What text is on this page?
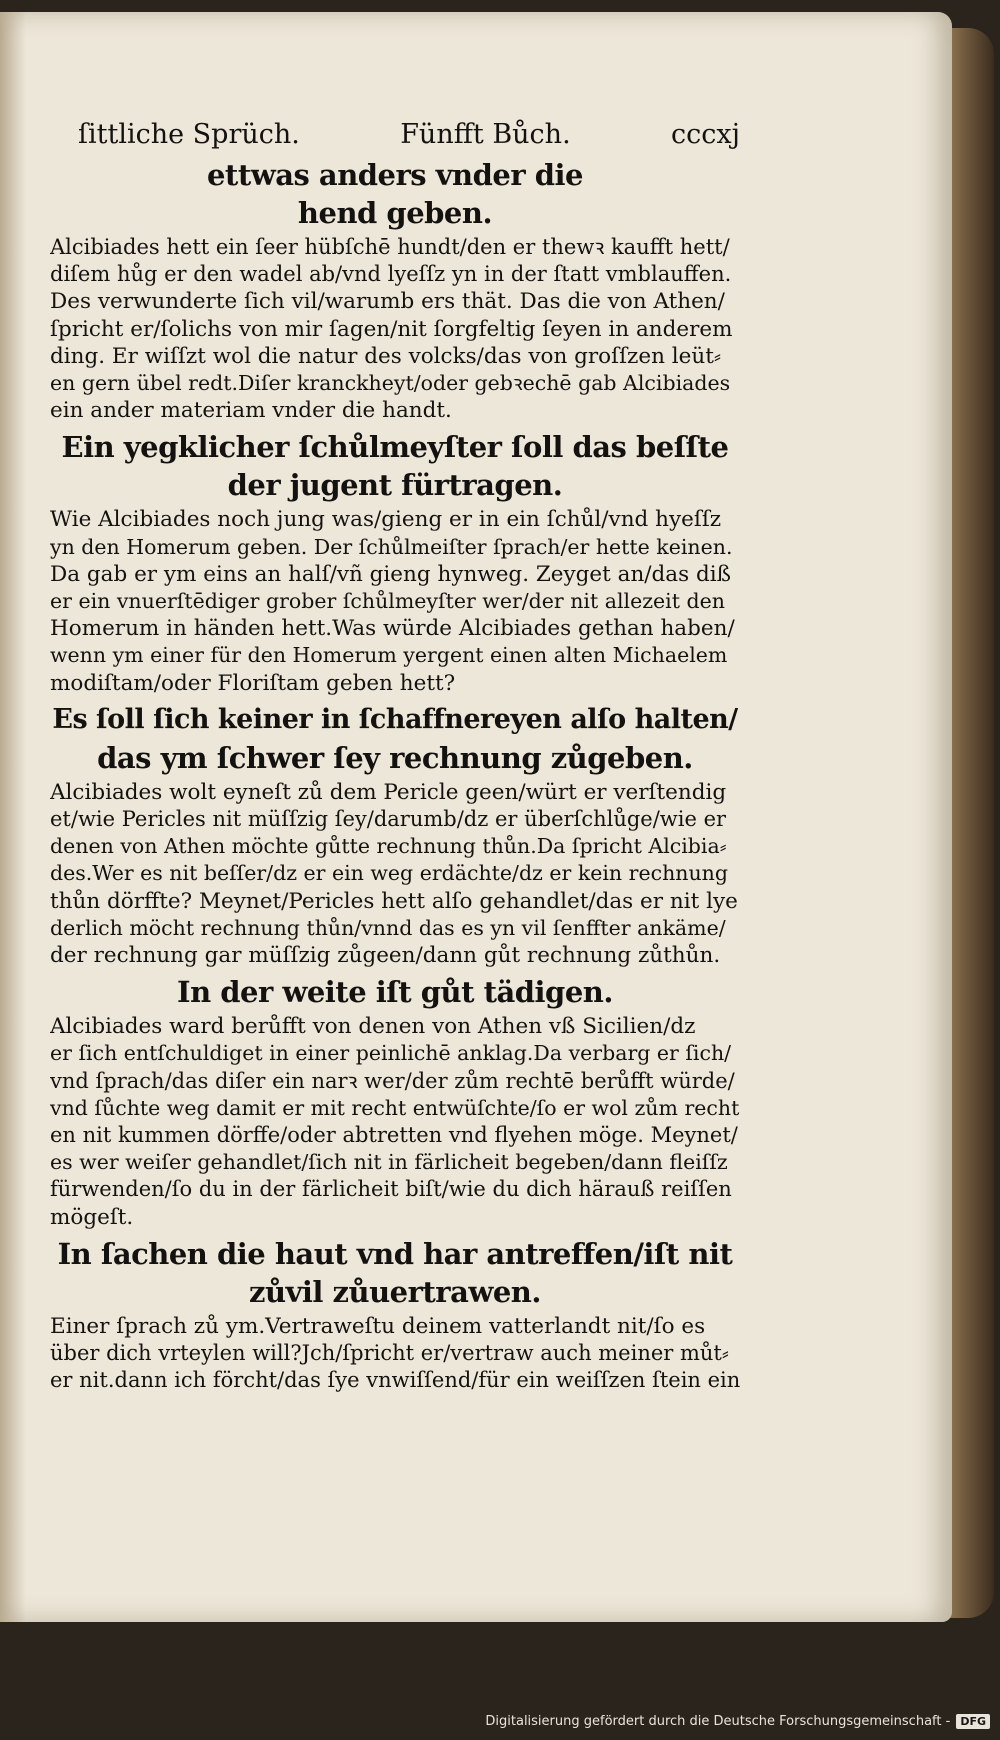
ſittliche Sprüch.	Fünfft Bůch.	cccxj
ettwas anders vnder die
hend geben.

Alcibiades hett ein ſeer hübſchē hundt/den er thewꝛ kaufft hett/
diſem hůg er den wadel ab/vnd lyeſſz yn in der ſtatt vmblauffen.
Des verwunderte ſich vil/warumb ers thät. Das die von Athen/
ſpricht er/ſolichs von mir ſagen/nit ſorgfeltig ſeyen in anderem
ding. Er wiſſzt wol die natur des volcks/das von groſſzen leüt⸗
en gern übel redt.Diſer kranckheyt/oder gebꝛechē gab Alcibiades
ein ander materiam vnder die handt.

Ein yegklicher ſchůlmeyſter ſoll das beſſte
der jugent fürtragen.

Wie Alcibiades noch jung was/gieng er in ein ſchůl/vnd hyeſſz
yn den Homerum geben. Der ſchůlmeiſter ſprach/er hette keinen.
Da gab er ym eins an halſ/vñ gieng hynweg. Zeyget an/das diß
er ein vnuerſtēdiger grober ſchůlmeyſter wer/der nit allezeit den
Homerum in händen hett.Was würde Alcibiades gethan haben/
wenn ym einer für den Homerum yergent einen alten Michaelem
modiſtam/oder Floriſtam geben hett?

Es ſoll ſich keiner in ſchaffnereyen alſo halten/
das ym ſchwer ſey rechnung zůgeben.

Alcibiades wolt eyneſt zů dem Pericle geen/würt er verſtendig
et/wie Pericles nit müſſzig ſey/darumb/dz er überſchlůge/wie er
denen von Athen möchte gůtte rechnung thůn.Da ſpricht Alcibia⸗
des.Wer es nit beſſer/dz er ein weg erdächte/dz er kein rechnung
thůn dörffte? Meynet/Pericles hett alſo gehandlet/das er nit lye
derlich möcht rechnung thůn/vnnd das es yn vil ſenffter ankäme/
der rechnung gar müſſzig zůgeen/dann gůt rechnung zůthůn.

In der weite iſt gůt tädigen.

Alcibiades ward berůfft von denen von Athen vß Sicilien/dz
er ſich entſchuldiget in einer peinlichē anklag.Da verbarg er ſich/
vnd ſprach/das diſer ein narꝛ wer/der zům rechtē berůfft würde/
vnd ſůchte weg damit er mit recht entwüſchte/ſo er wol zům recht
en nit kummen dörffe/oder abtretten vnd flyehen möge. Meynet/
es wer weiſer gehandlet/ſich nit in färlicheit begeben/dann fleiſſz
fürwenden/ſo du in der färlicheit biſt/wie du dich härauß reiſſen
mögeſt.

In ſachen die haut vnd har antreffen/iſt nit
zůvil zůuertrawen.

Einer ſprach zů ym.Vertraweſtu deinem vatterlandt nit/ſo es
über dich vrteylen will?Jch/ſpricht er/vertraw auch meiner můt⸗
er nit.dann ich förcht/das ſye vnwiſſend/für ein weiſſzen ſtein ein

Digitalisierung gefördert durch die Deutsche Forschungsgemeinschaft - DFG
